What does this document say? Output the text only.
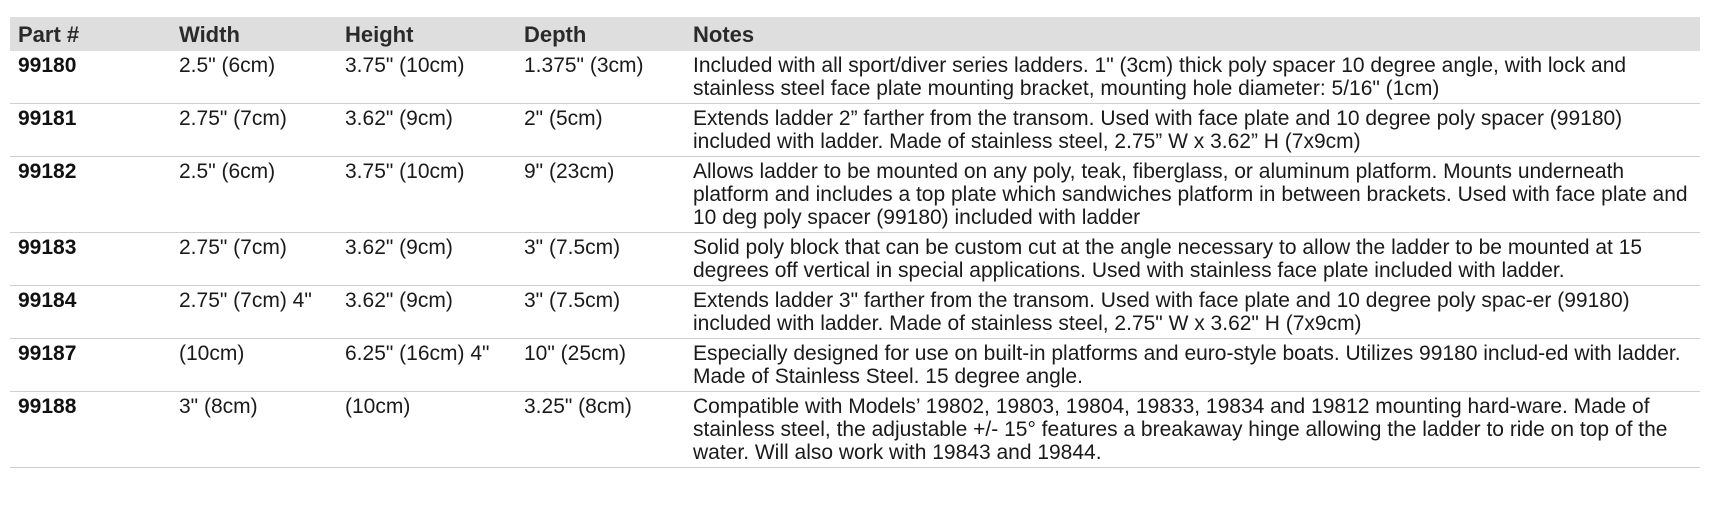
Part #	Width	Height	Depth	Notes
99180	2.5" (6cm)	3.75" (10cm)	1.375" (3cm)	Included with all sport/diver series ladders. 1" (3cm) thick poly spacer 10 degree angle, with lock and stainless steel face plate mounting bracket, mounting hole diameter: 5/16" (1cm)
99181	2.75" (7cm)	3.62" (9cm)	2" (5cm)	Extends ladder 2” farther from the transom. Used with face plate and 10 degree poly spacer (99180) included with ladder. Made of stainless steel, 2.75” W x 3.62” H (7x9cm)
99182	2.5" (6cm)	3.75" (10cm)	9" (23cm)	Allows ladder to be mounted on any poly, teak, fiberglass, or aluminum platform. Mounts underneath platform and includes a top plate which sandwiches platform in between brackets. Used with face plate and 10 deg poly spacer (99180) included with ladder
99183	2.75" (7cm)	3.62" (9cm)	3" (7.5cm)	Solid poly block that can be custom cut at the angle necessary to allow the ladder to be mounted at 15 degrees off vertical in special applications. Used with stainless face plate included with ladder.
99184	2.75" (7cm) 4"	3.62" (9cm)	3" (7.5cm)	Extends ladder 3" farther from the transom. Used with face plate and 10 degree poly spac-er (99180) included with ladder. Made of stainless steel, 2.75" W x 3.62" H (7x9cm)
99187	(10cm)	6.25" (16cm) 4"	10" (25cm)	Especially designed for use on built-in platforms and euro-style boats. Utilizes 99180 includ-ed with ladder. Made of Stainless Steel. 15 degree angle.
99188	3" (8cm)	(10cm)	3.25" (8cm)	Compatible with Models’ 19802, 19803, 19804, 19833, 19834 and 19812 mounting hard-ware. Made of stainless steel, the adjustable +/- 15° features a breakaway hinge allowing the ladder to ride on top of the water. Will also work with 19843 and 19844.
